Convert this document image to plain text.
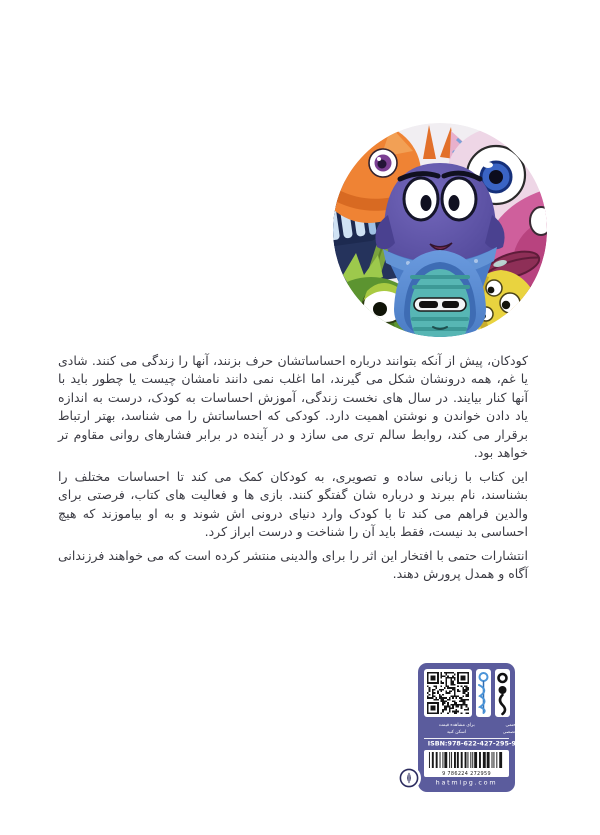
کودکان، پیش از آنکه بتوانند درباره احساساتشان حرف بزنند، آنها را زندگی می کنند. شادی یا غم، همه درونشان شکل می گیرند، اما اغلب نمی دانند نامشان چیست یا چطور باید با آنها کنار بیایند. در سال های نخست زندگی، آموزش احساسات به کودک، درست به اندازه یاد دادن خواندن و نوشتن اهمیت دارد. کودکی که احساساتش را می شناسد، بهتر ارتباط برقرار می کند، روابط سالم تری می سازد و در آینده در برابر فشارهای روانی مقاوم تر خواهد بود.

این کتاب با زبانی ساده و تصویری، به کودکان کمک می کند تا احساسات مختلف را بشناسند، نام ببرند و درباره شان گفتگو کنند. بازی ها و فعالیت های کتاب، فرصتی برای والدین فراهم می کند تا با کودک وارد دنیای درونی اش شوند و به او بیاموزند که هیچ احساسی بد نیست، فقط باید آن را شناخت و درست ابراز کرد.

انتشارات حتمی با افتخار این اثر را برای والدینی منتشر کرده است که می خواهند فرزندانی آگاه و همدل پرورش دهند.

برای مشاهده قیمت
اسکن کنید
انتشارات حتمی
عمومی و تخصصی
ISBN:978-622-427-295-9
9 786224 272959
hatmipg.com
